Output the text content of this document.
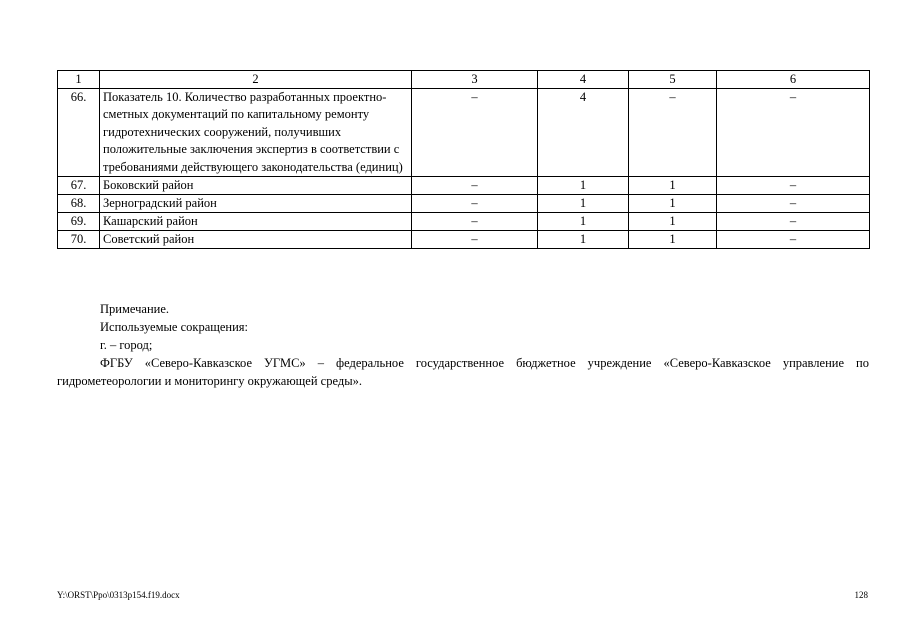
1	2	3	4	5	6
66.	Показатель 10. Количество разработанных проектно-сметных документаций по капитальному ремонту гидротехнических сооружений, получивших положительные заключения экспертиз в соответствии с требованиями действующего законодательства (единиц)	–	4	–	–
67.	Боковский район	–	1	1	–
68.	Зерноградский район	–	1	1	–
69.	Кашарский район	–	1	1	–
70.	Советский район	–	1	1	–

Примечание.

Используемые сокращения:

г. – город;

ФГБУ «Северо-Кавказское УГМС» – федеральное государственное бюджетное учреждение «Северо-Кавказское управление по гидрометеорологии и мониторингу окружающей среды».

Y:\ORST\Ppo\0313p154.f19.docx	128
